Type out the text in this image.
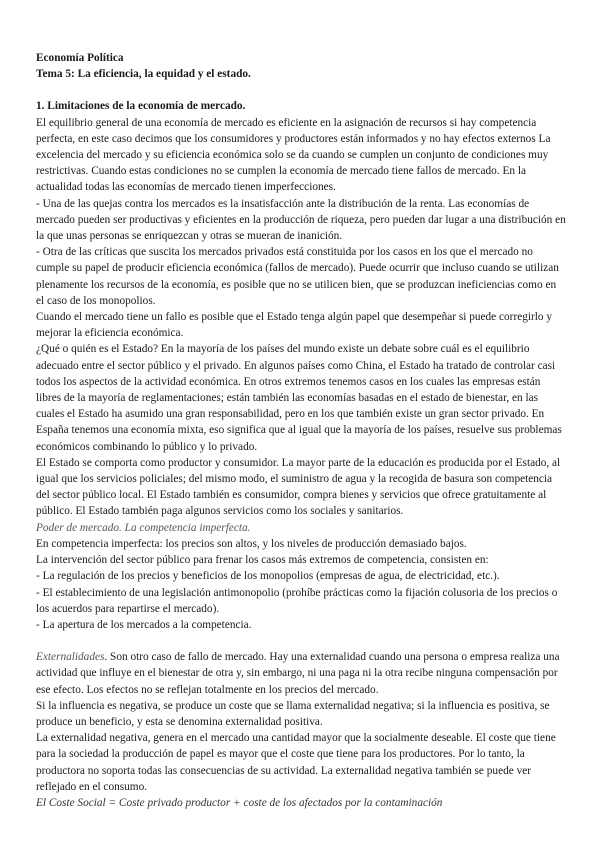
Economía Política

Tema 5: La eficiencia, la equidad y el estado.

1. Limitaciones de la economía de mercado.

El equilibrio general de una economía de mercado es eficiente en la asignación de recursos si hay competencia perfecta, en este caso decimos que los consumidores y productores están informados y no hay efectos externos La excelencia del mercado y su eficiencia económica solo se da cuando se cumplen un conjunto de condiciones muy restrictivas. Cuando estas condiciones no se cumplen la economía de mercado tiene fallos de mercado. En la actualidad todas las economías de mercado tienen imperfecciones.

- Una de las quejas contra los mercados es la insatisfacción ante la distribución de la renta. Las economías de mercado pueden ser productivas y eficientes en la producción de riqueza, pero pueden dar lugar a una distribución en la que unas personas se enriquezcan y otras se mueran de inanición.

- Otra de las críticas que suscita los mercados privados está constituida por los casos en los que el mercado no cumple su papel de producir eficiencia económica (fallos de mercado). Puede ocurrir que incluso cuando se utilizan plenamente los recursos de la economía, es posible que no se utilicen bien, que se produzcan ineficiencias como en el caso de los monopolios.

Cuando el mercado tiene un fallo es posible que el Estado tenga algún papel que desempeñar si puede corregirlo y mejorar la eficiencia económica.

¿Qué o quién es el Estado? En la mayoría de los países del mundo existe un debate sobre cuál es el equilibrio adecuado entre el sector público y el privado. En algunos países como China, el Estado ha tratado de controlar casi todos los aspectos de la actividad económica. En otros extremos tenemos casos en los cuales las empresas están libres de la mayoría de reglamentaciones; están también las economías basadas en el estado de bienestar, en las cuales el Estado ha asumido una gran responsabilidad, pero en los que también existe un gran sector privado. En España tenemos una economía mixta, eso significa que al igual que la mayoría de los países, resuelve sus problemas económicos combinando lo público y lo privado.

El Estado se comporta como productor y consumidor. La mayor parte de la educación es producida por el Estado, al igual que los servicios policiales; del mismo modo, el suministro de agua y la recogida de basura son competencia del sector público local. El Estado también es consumidor, compra bienes y servicios que ofrece gratuitamente al público. El Estado también paga algunos servicios como los sociales y sanitarios.

Poder de mercado. La competencia imperfecta.

En competencia imperfecta: los precios son altos, y los niveles de producción demasiado bajos.

La intervención del sector público para frenar los casos más extremos de competencia, consisten en:

- La regulación de los precios y beneficios de los monopolios (empresas de agua, de electricidad, etc.).

- El establecimiento de una legislación antimonopolio (prohíbe prácticas como la fijación colusoria de los precios o los acuerdos para repartirse el mercado).

- La apertura de los mercados a la competencia.

Externalidades. Son otro caso de fallo de mercado. Hay una externalidad cuando una persona o empresa realiza una actividad que influye en el bienestar de otra y, sin embargo, ni una paga ni la otra recibe ninguna compensación por ese efecto. Los efectos no se reflejan totalmente en los precios del mercado.

Si la influencia es negativa, se produce un coste que se llama externalidad negativa; si la influencia es positiva, se produce un beneficio, y esta se denomina externalidad positiva.

La externalidad negativa, genera en el mercado una cantidad mayor que la socialmente deseable. El coste que tiene para la sociedad la producción de papel es mayor que el coste que tiene para los productores. Por lo tanto, la productora no soporta todas las consecuencias de su actividad. La externalidad negativa también se puede ver reflejado en el consumo.

El Coste Social = Coste privado productor + coste de los afectados por la contaminación
